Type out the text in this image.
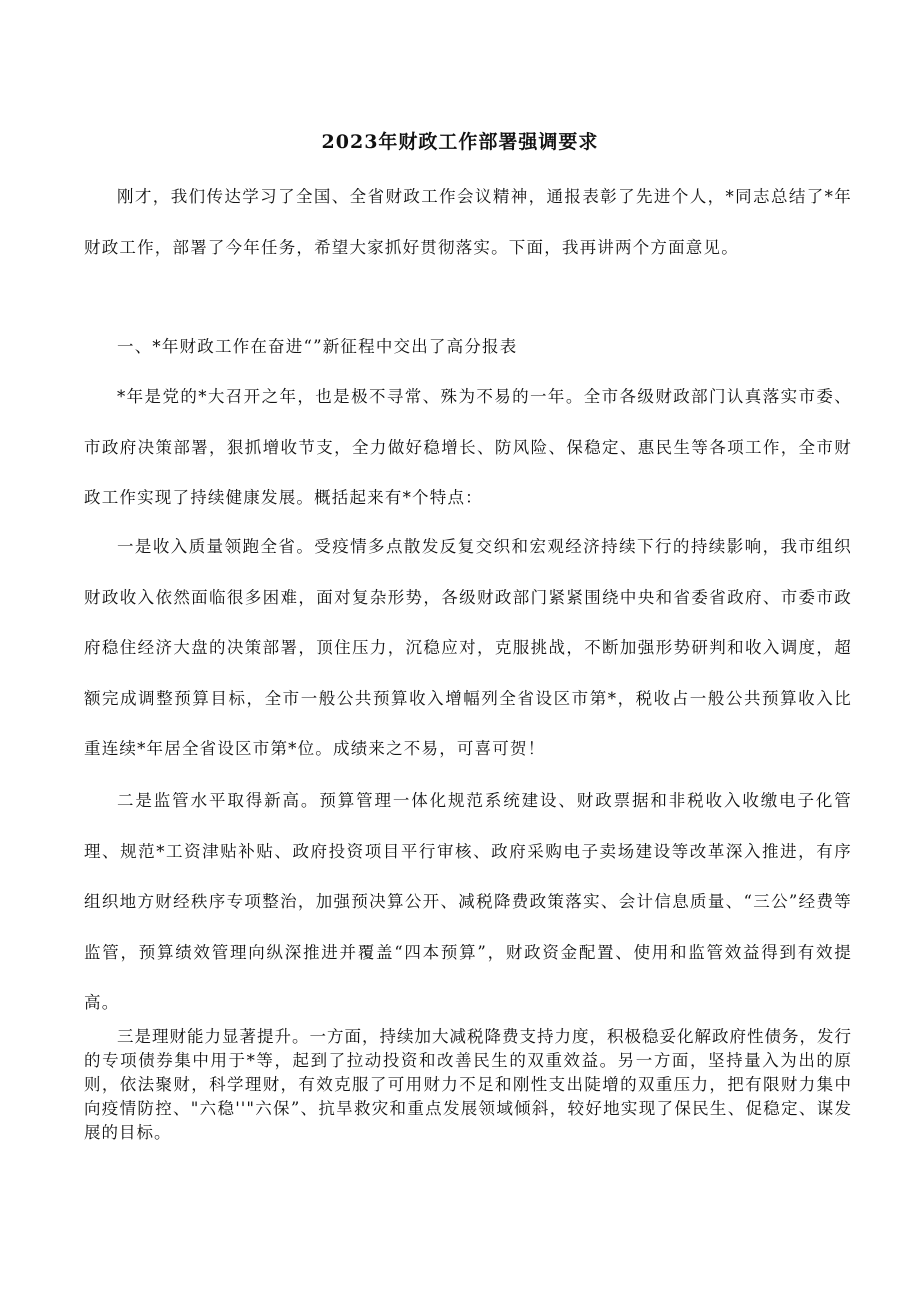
2023年财政工作部署强调要求

刚才，我们传达学习了全国、全省财政工作会议精神，通报表彰了先进个人，*同志总结了*年财政工作，部署了今年任务，希望大家抓好贯彻落实。下面，我再讲两个方面意见。

一、*年财政工作在奋进“”新征程中交出了高分报表

*年是党的*大召开之年，也是极不寻常、殊为不易的一年。全市各级财政部门认真落实市委、市政府决策部署，狠抓增收节支，全力做好稳增长、防风险、保稳定、惠民生等各项工作，全市财政工作实现了持续健康发展。概括起来有*个特点：

一是收入质量领跑全省。受疫情多点散发反复交织和宏观经济持续下行的持续影响，我市组织财政收入依然面临很多困难，面对复杂形势，各级财政部门紧紧围绕中央和省委省政府、市委市政府稳住经济大盘的决策部署，顶住压力，沉稳应对，克服挑战，不断加强形势研判和收入调度，超额完成调整预算目标，全市一般公共预算收入增幅列全省设区市第*，税收占一般公共预算收入比重连续*年居全省设区市第*位。成绩来之不易，可喜可贺！

二是监管水平取得新高。预算管理一体化规范系统建设、财政票据和非税收入收缴电子化管理、规范*工资津贴补贴、政府投资项目平行审核、政府采购电子卖场建设等改革深入推进，有序组织地方财经秩序专项整治，加强预决算公开、减税降费政策落实、会计信息质量、“三公”经费等监管，预算绩效管理向纵深推进并覆盖“四本预算”，财政资金配置、使用和监管效益得到有效提高。

三是理财能力显著提升。一方面，持续加大减税降费支持力度，积极稳妥化解政府性债务，发行的专项债券集中用于*等，起到了拉动投资和改善民生的双重效益。另一方面，坚持量入为出的原则，依法聚财，科学理财，有效克服了可用财力不足和刚性支出陡增的双重压力，把有限财力集中向疫情防控、"六稳''"六保”、抗旱救灾和重点发展领域倾斜，较好地实现了保民生、促稳定、谋发展的目标。
